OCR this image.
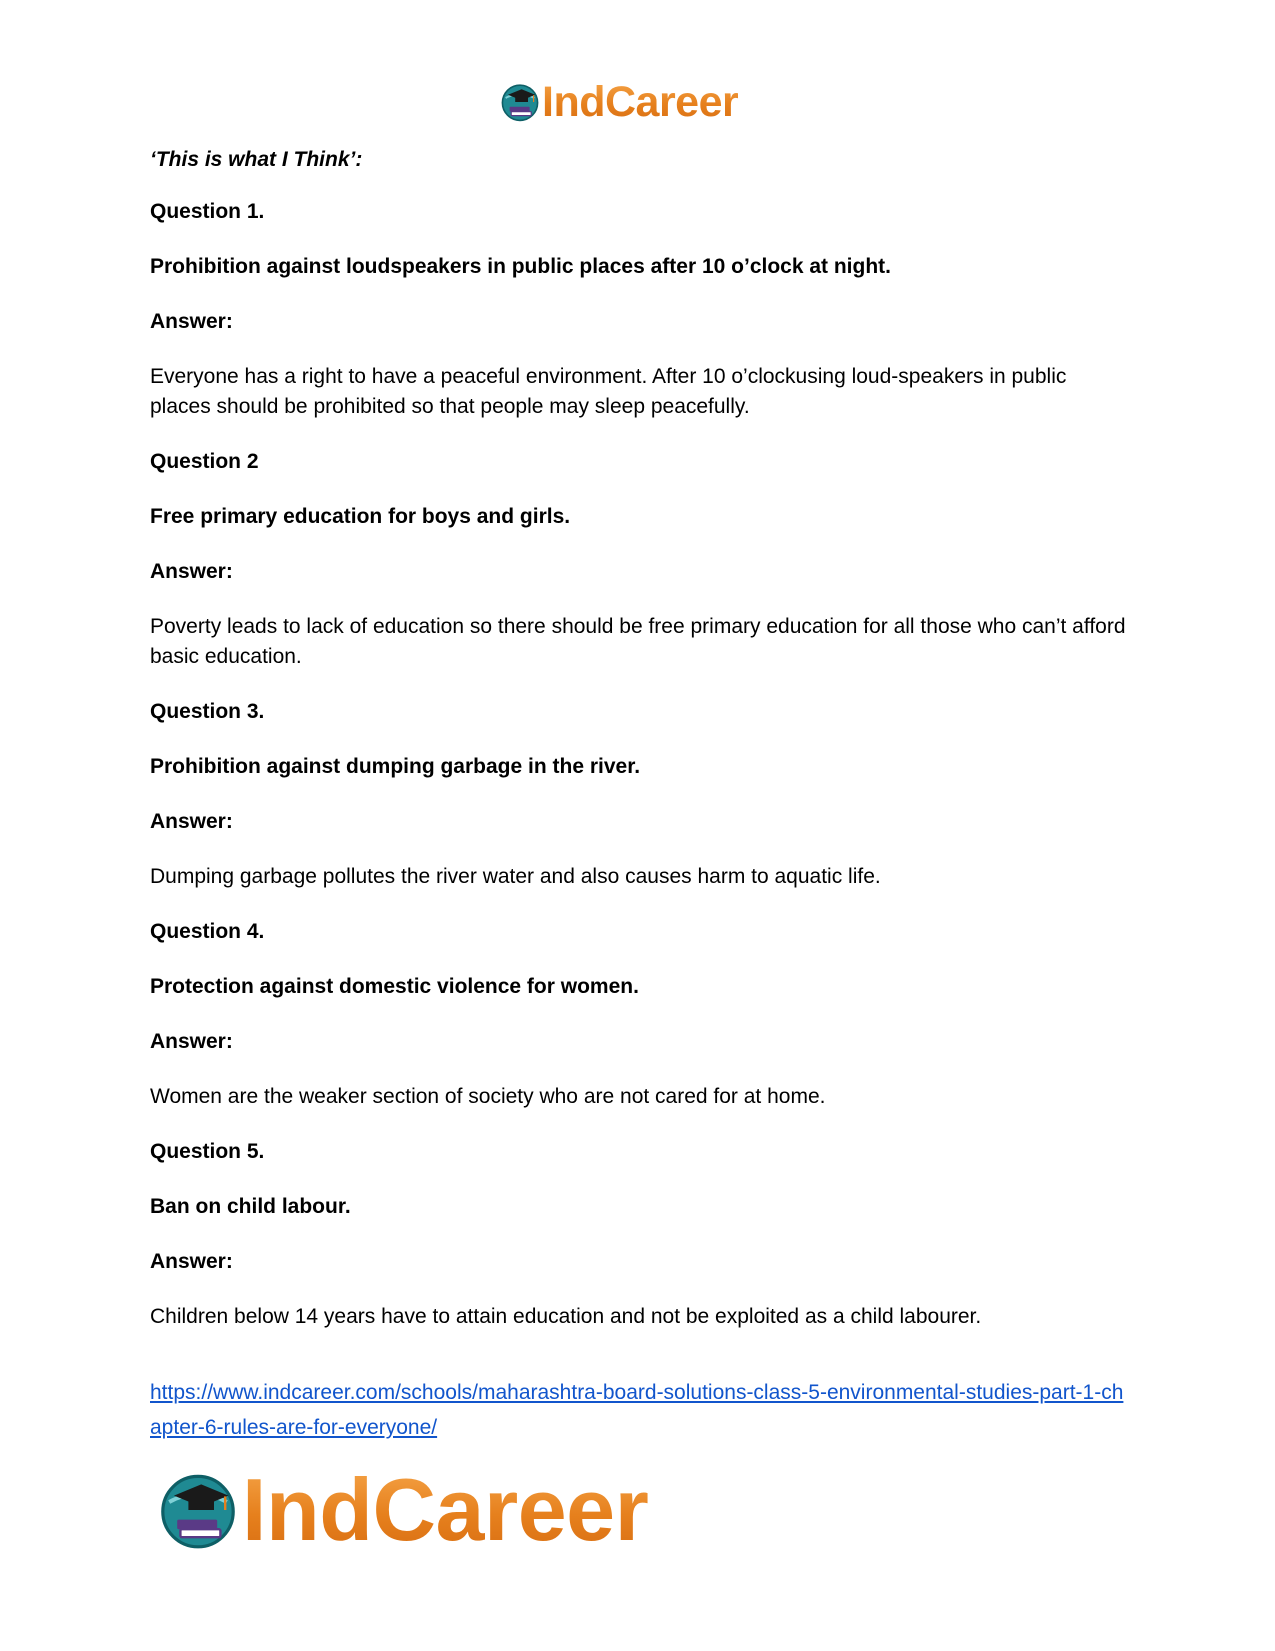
IndCareer

‘This is what I Think’:

Question 1.

Prohibition against loudspeakers in public places after 10 o’clock at night.

Answer:

Everyone has a right to have a peaceful environment. After 10 o’clockusing loud-speakers in public places should be prohibited so that people may sleep peacefully.

Question 2

Free primary education for boys and girls.

Answer:

Poverty leads to lack of education so there should be free primary education for all those who can’t afford basic education.

Question 3.

Prohibition against dumping garbage in the river.

Answer:

Dumping garbage pollutes the river water and also causes harm to aquatic life.

Question 4.

Protection against domestic violence for women.

Answer:

Women are the weaker section of society who are not cared for at home.

Question 5.

Ban on child labour.

Answer:

Children below 14 years have to attain education and not be exploited as a child labourer.

https://www.indcareer.com/schools/maharashtra-board-solutions-class-5-environmental-studies-part-1-chapter-6-rules-are-for-everyone/
IndCareer
